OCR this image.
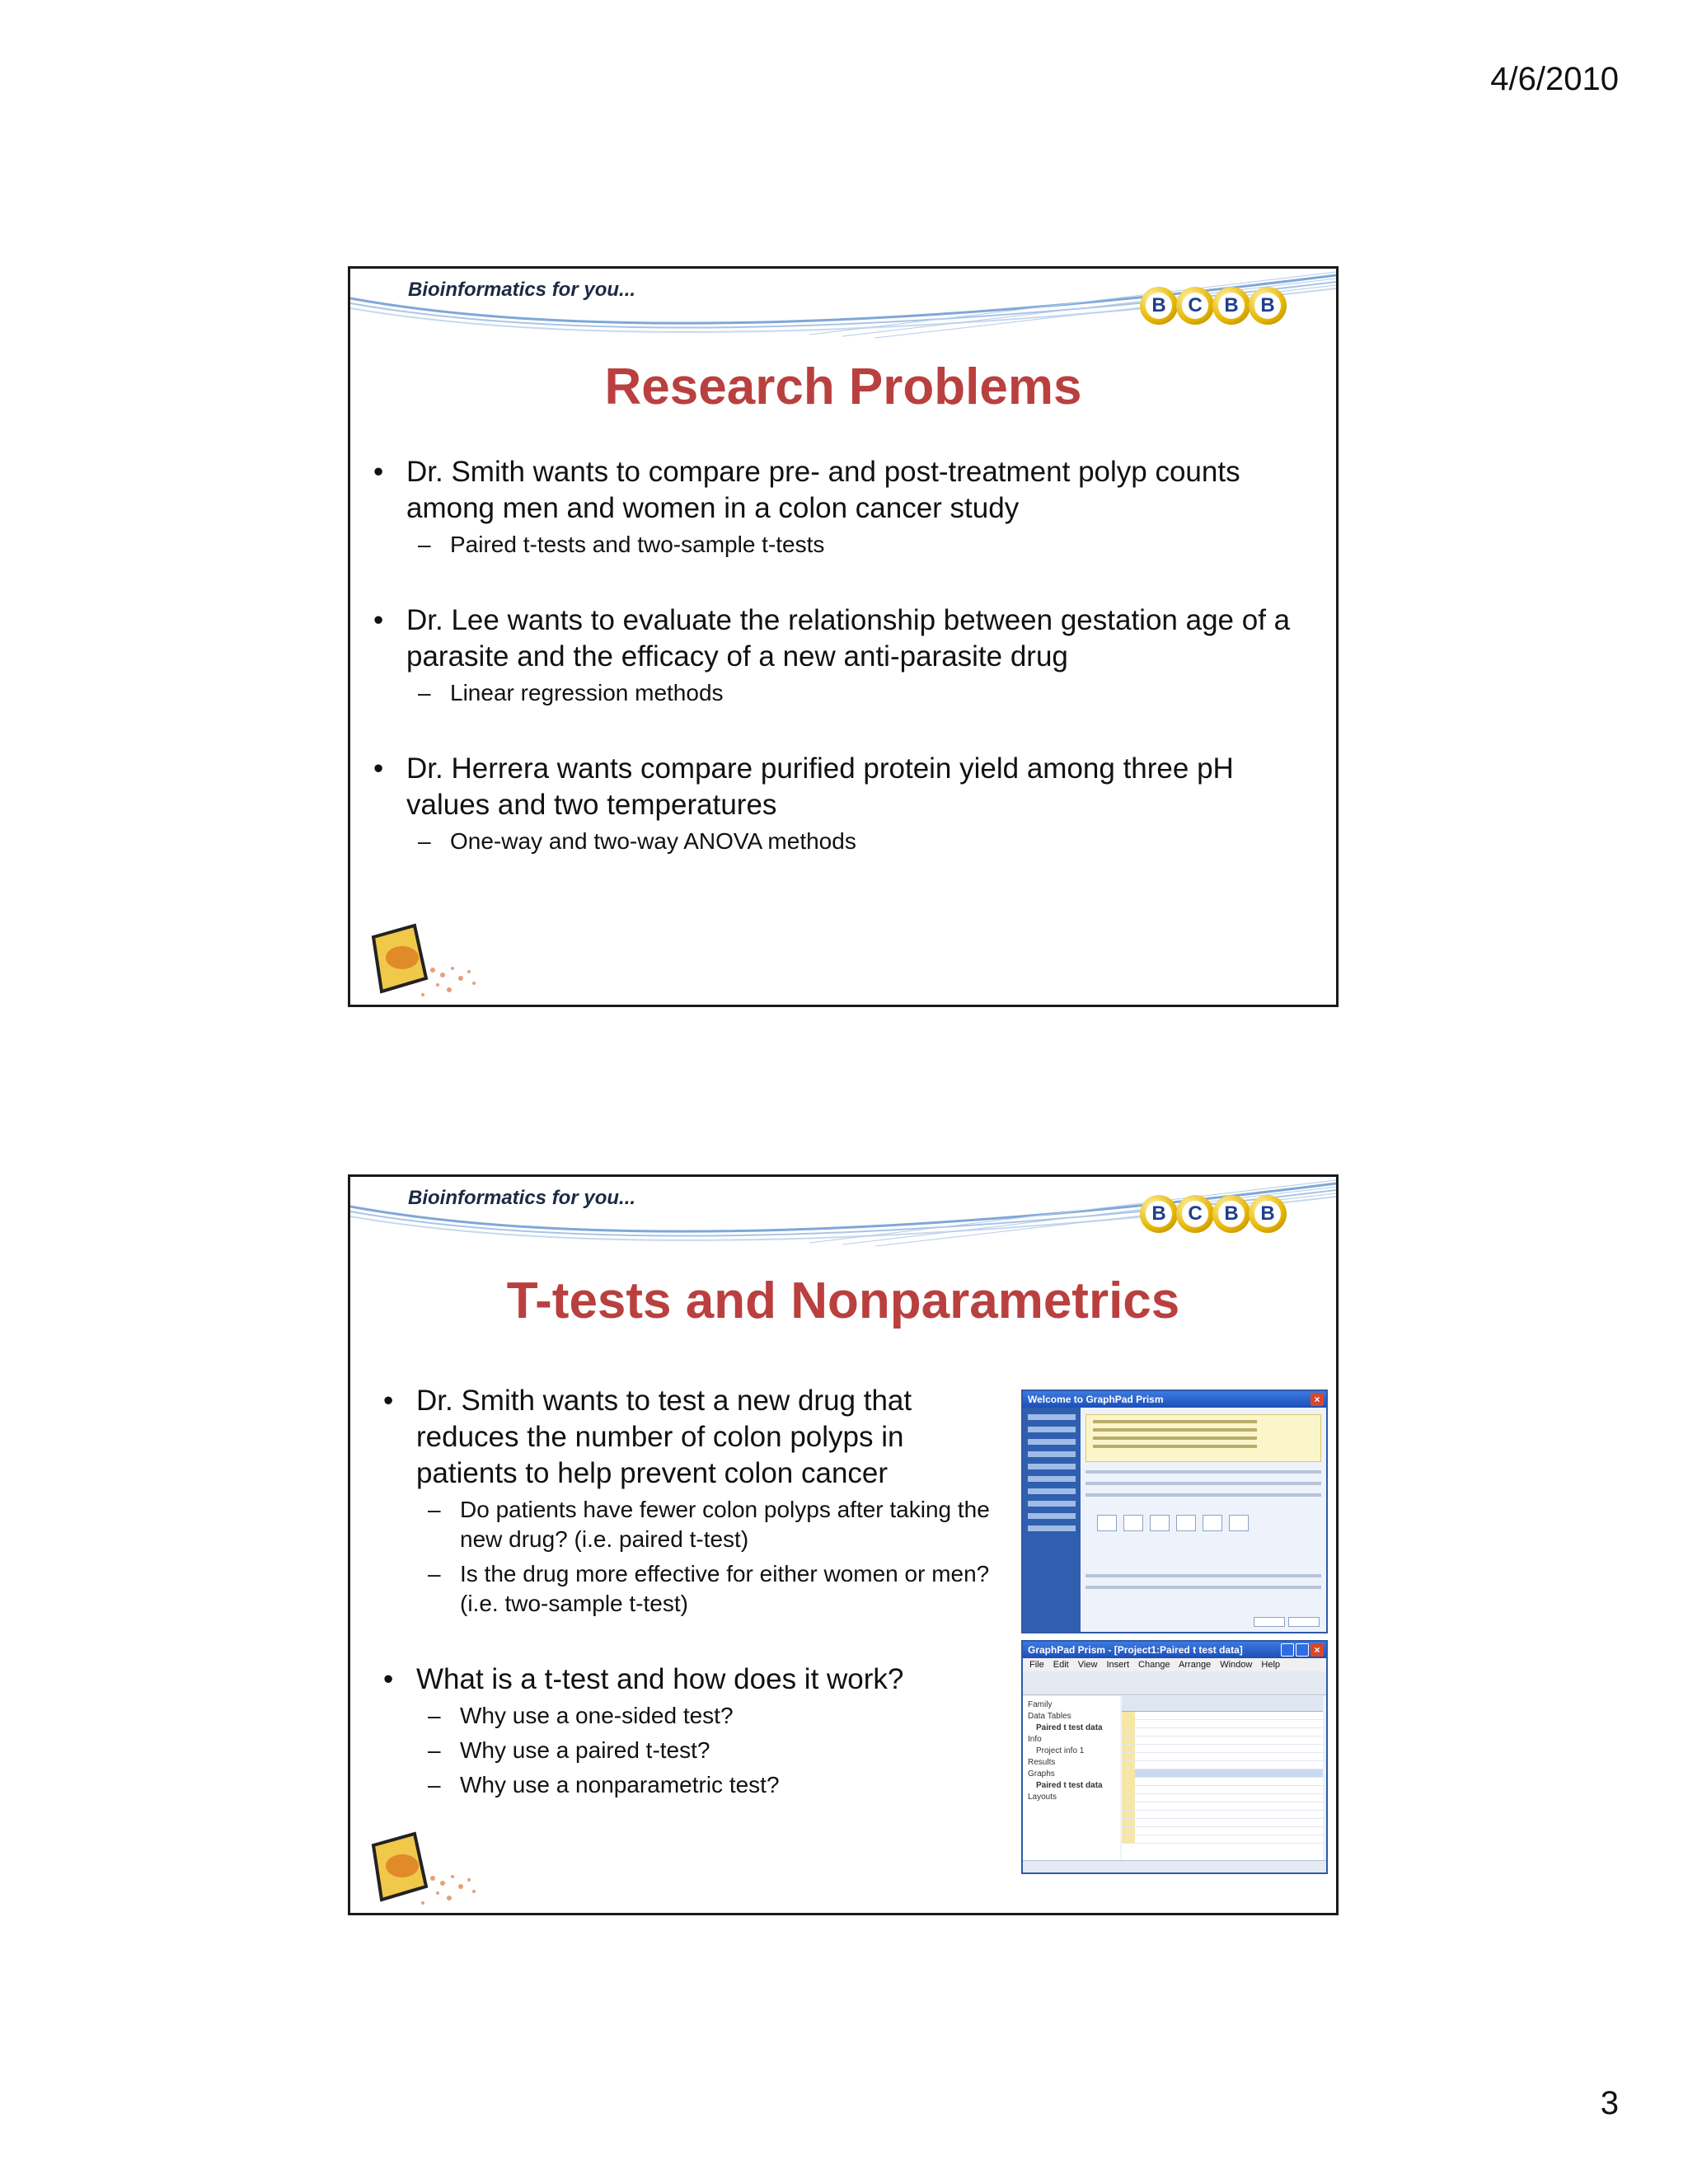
4/6/2010
Bioinformatics for you...
B	C	B	B
Research Problems
• Dr. Smith wants to compare pre- and post-treatment polyp counts among men and women in a colon cancer study
– Paired t-tests and two-sample t-tests
• Dr. Lee wants to evaluate the relationship between gestation age of a parasite and the efficacy of a new anti-parasite drug
– Linear regression methods
• Dr. Herrera wants compare purified protein yield among three pH values and two temperatures
– One-way and two-way ANOVA methods
Bioinformatics for you...
B	C	B	B
T-tests and Nonparametrics
• Dr. Smith wants to test a new drug that reduces the number of colon polyps in patients to help prevent colon cancer
– Do patients have fewer colon polyps after taking the new drug? (i.e. paired t-test)
– Is the drug more effective for either women or men? (i.e. two-sample t-test)
• What is a t-test and how does it work?
– Why use a one-sided test?
– Why use a paired t-test?
– Why use a nonparametric test?
Welcome to GraphPad Prism	×
GraphPad Prism - [Project1:Paired t test data]	×
File Edit View Insert Change Arrange Window Help
Family
Data Tables
Paired t test data
Info
Project info 1
Results
Graphs
Paired t test data
Layouts
3
